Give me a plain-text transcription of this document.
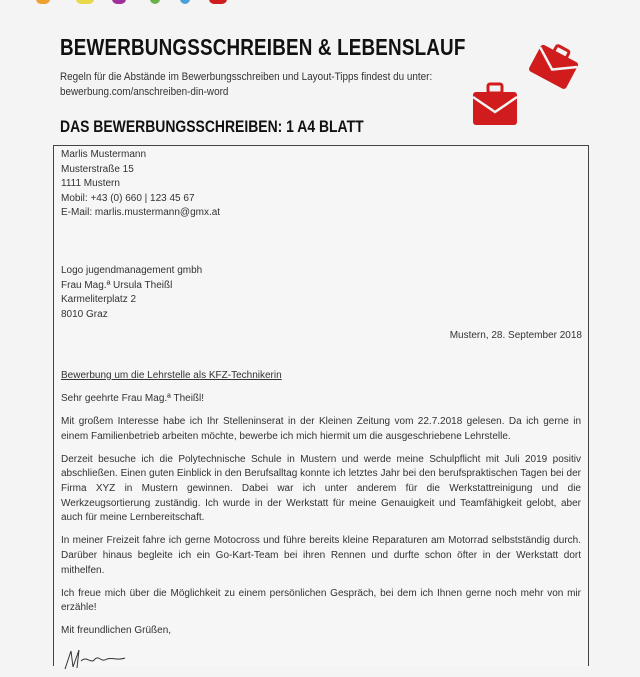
BEWERBUNGSSCHREIBEN & LEBENSLAUF
Regeln für die Abstände im Bewerbungsschreiben und Layout-Tipps findest du unter:
bewerbung.com/anschreiben-din-word
DAS BEWERBUNGSSCHREIBEN: 1 A4 BLATT
Marlis Mustermann
Musterstraße 15
1111 Mustern
Mobil: +43 (0) 660 | 123 45 67
E-Mail: marlis.mustermann@gmx.at
Logo jugendmanagement gmbh
Frau Mag.ª Ursula Theißl
Karmeliterplatz 2
8010 Graz
Mustern, 28. September 2018
Bewerbung um die Lehrstelle als KFZ-Technikerin
Sehr geehrte Frau Mag.ª Theißl!
Mit großem Interesse habe ich Ihr Stelleninserat in der Kleinen Zeitung vom 22.7.2018 gelesen. Da ich gerne in einem Familienbetrieb arbeiten möchte, bewerbe ich mich hiermit um die ausgeschriebene Lehrstelle.
Derzeit besuche ich die Polytechnische Schule in Mustern und werde meine Schulpflicht mit Juli 2019 positiv abschließen. Einen guten Einblick in den Berufsalltag konnte ich letztes Jahr bei den berufspraktischen Tagen bei der Firma XYZ in Mustern gewinnen. Dabei war ich unter anderem für die Werkstattreinigung und die Werkzeugsortierung zuständig. Ich wurde in der Werkstatt für meine Genauigkeit und Teamfähigkeit gelobt, aber auch für meine Lernbereitschaft.
In meiner Freizeit fahre ich gerne Motocross und führe bereits kleine Reparaturen am Motorrad selbstständig durch. Darüber hinaus begleite ich ein Go-Kart-Team bei ihren Rennen und durfte schon öfter in der Werkstatt dort mithelfen.
Ich freue mich über die Möglichkeit zu einem persönlichen Gespräch, bei dem ich Ihnen gerne noch mehr von mir erzähle!
Mit freundlichen Grüßen,
